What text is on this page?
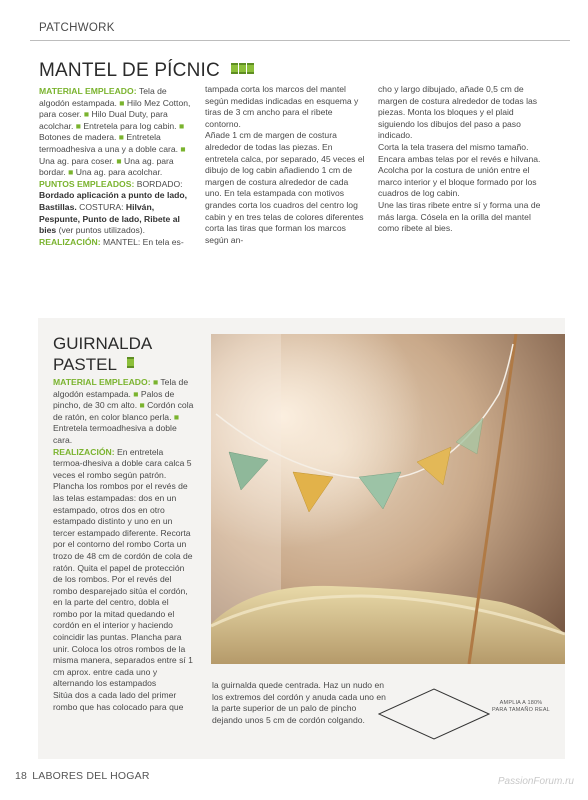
PATCHWORK
MANTEL DE PÍCNIC

MATERIAL EMPLEADO: Tela de algodón estampada. ■ Hilo Mez Cotton, para coser. ■ Hilo Dual Duty, para acolchar. ■ Entretela para log cabin. ■ Botones de madera. ■ Entretela termoadhesiva a una y a doble cara. ■ Una ag. para coser. ■ Una ag. para bordar. ■ Una ag. para acolchar.

PUNTOS EMPLEADOS: BORDADO: Bordado aplicación a punto de lado, Bastillas. COSTURA: Hilván, Pespunte, Punto de lado, Ribete al bies (ver puntos utilizados).

REALIZACIÓN: MANTEL: En tela es-

tampada corta los marcos del mantel según medidas indicadas en esquema y tiras de 3 cm ancho para el ribete contorno.
Añade 1 cm de margen de costura alrededor de todas las piezas. En entretela calca, por separado, 45 veces el dibujo de log cabin añadiendo 1 cm de margen de costura alrededor de cada uno. En tela estampada con motivos grandes corta los cuadros del centro log cabin y en tres telas de colores diferentes corta las tiras que forman los marcos según an-

cho y largo dibujado, añade 0,5 cm de margen de costura alrededor de todas las piezas. Monta los bloques y el plaid siguiendo los dibujos del paso a paso indicado.
Corta la tela trasera del mismo tamaño. Encara ambas telas por el revés e hilvana. Acolcha por la costura de unión entre el marco interior y el bloque formado por los cuadros de log cabin.
Une las tiras ribete entre sí y forma una de más larga. Cósela en la orilla del mantel como ribete al bies.

GUIRNALDA
PASTEL

MATERIAL EMPLEADO: ■ Tela de algodón estampada. ■ Palos de pincho, de 30 cm alto. ■ Cordón cola de ratón, en color blanco perla. ■ Entretela termoadhesiva a doble cara.

REALIZACIÓN: En entretela termoa-dhesiva a doble cara calca 5 veces el rombo según patrón.
Plancha los rombos por el revés de las telas estampadas: dos en un estampado, otros dos en otro estampado distinto y uno en un tercer estampado diferente. Recorta por el contorno del rombo Corta un trozo de 48 cm de cordón de cola de ratón. Quita el papel de protección de los rombos. Por el revés del rombo desparejado sitúa el cordón, en la parte del centro, dobla el rombo por la mitad quedando el cordón en el interior y haciendo coincidir las puntas. Plancha para unir. Coloca los otros rombos de la misma manera, separados entre sí 1 cm aprox. entre cada uno y alternando los estampados
Sitúa dos a cada lado del primer rombo que has colocado para que

la guirnalda quede centrada. Haz un nudo en los extremos del cordón y anuda cada uno en la parte superior de un palo de pincho dejando unos 5 cm de cordón colgando.
AMPLIA A 180% PARA TAMAÑO REAL
18 LABORES DEL HOGAR	PassionForum.ru
